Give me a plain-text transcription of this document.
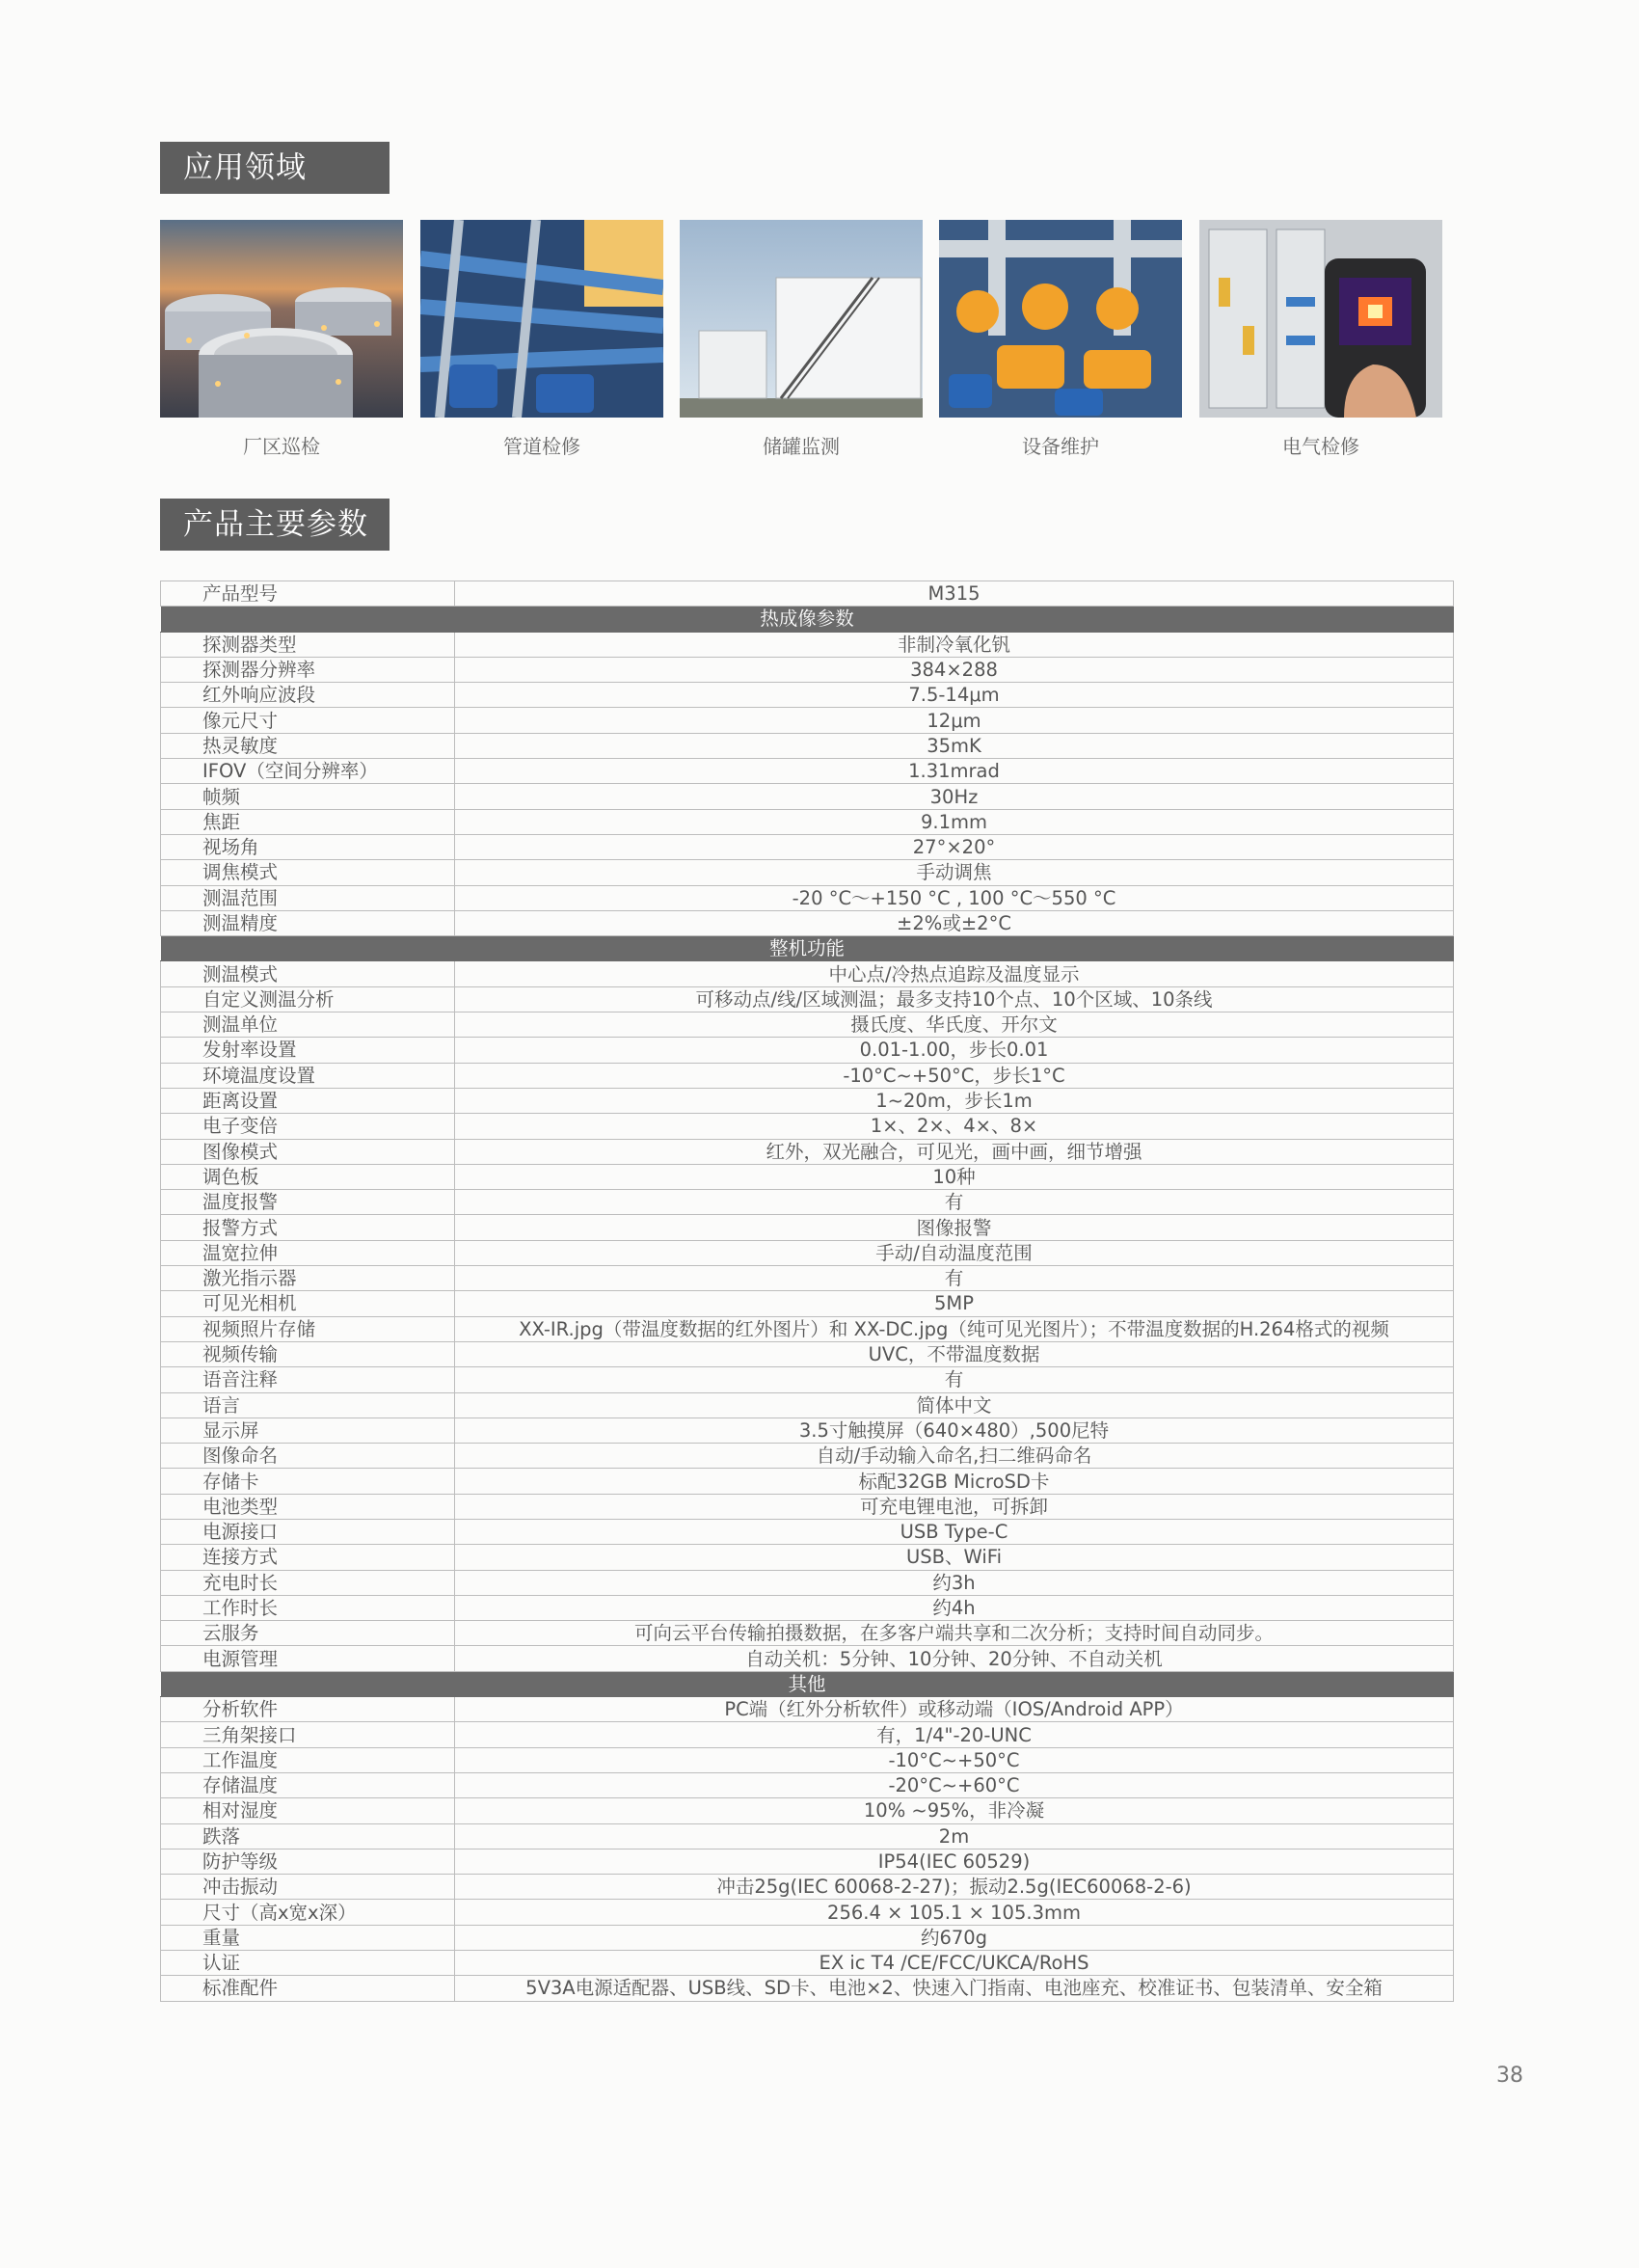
应用领域
厂区巡检	管道检修	储罐监测	设备维护	电气检修
产品主要参数
产品型号	M315
热成像参数	
探测器类型	非制冷氧化钒
探测器分辨率	384×288
红外响应波段	7.5-14μm
像元尺寸	12μm
热灵敏度	35mK
IFOV（空间分辨率）	1.31mrad
帧频	30Hz
焦距	9.1mm
视场角	27°×20°
调焦模式	手动调焦
测温范围	-20 °C～+150 °C , 100 °C～550 °C
测温精度	±2%或±2°C
整机功能	
测温模式	中心点/冷热点追踪及温度显示
自定义测温分析	可移动点/线/区域测温；最多支持10个点、10个区域、10条线
测温单位	摄氏度、华氏度、开尔文
发射率设置	0.01-1.00，步长0.01
环境温度设置	-10°C~+50°C，步长1°C
距离设置	1~20m，步长1m
电子变倍	1×、2×、4×、8×
图像模式	红外，双光融合，可见光，画中画，细节增强
调色板	10种
温度报警	有
报警方式	图像报警
温宽拉伸	手动/自动温度范围
激光指示器	有
可见光相机	5MP
视频照片存储	XX-IR.jpg（带温度数据的红外图片）和 XX-DC.jpg（纯可见光图片）；不带温度数据的H.264格式的视频
视频传输	UVC，不带温度数据
语音注释	有
语言	简体中文
显示屏	3.5寸触摸屏（640×480）,500尼特
图像命名	自动/手动输入命名,扫二维码命名
存储卡	标配32GB MicroSD卡
电池类型	可充电锂电池，可拆卸
电源接口	USB Type-C
连接方式	USB、WiFi
充电时长	约3h
工作时长	约4h
云服务	可向云平台传输拍摄数据，在多客户端共享和二次分析；支持时间自动同步。
电源管理	自动关机：5分钟、10分钟、20分钟、不自动关机
其他	
分析软件	PC端（红外分析软件）或移动端（IOS/Android APP）
三角架接口	有，1/4"-20-UNC
工作温度	-10°C~+50°C
存储温度	-20°C~+60°C
相对湿度	10% ~95%，非冷凝
跌落	2m
防护等级	IP54(IEC 60529)
冲击振动	冲击25g(IEC 60068-2-27)；振动2.5g(IEC60068-2-6)
尺寸（高x宽x深）	256.4 × 105.1 × 105.3mm
重量	约670g
认证	EX ic T4 /CE/FCC/UKCA/RoHS
标准配件	5V3A电源适配器、USB线、SD卡、电池×2、快速入门指南、电池座充、校准证书、包装清单、安全箱
38
